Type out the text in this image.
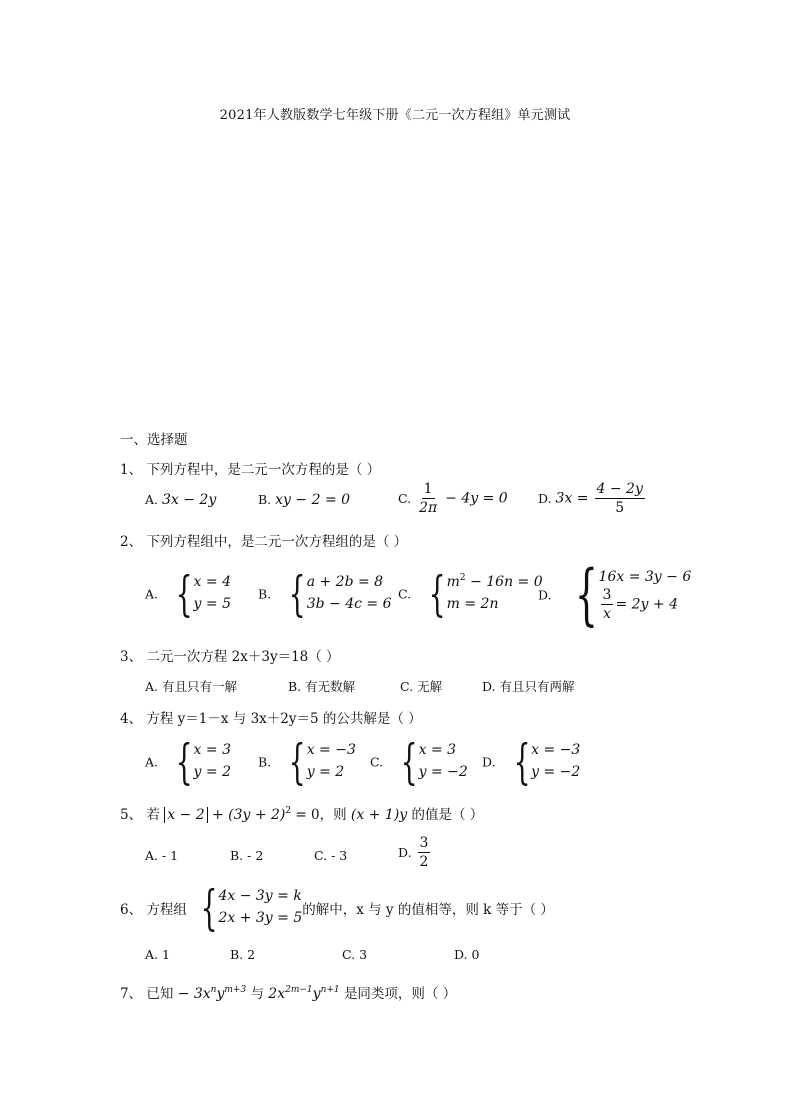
2021年人教版数学七年级下册《二元一次方程组》单元测试
一、选择题
1、 下列方程中，是二元一次方程的是（ ）
A. 3x − 2y	B. xy − 2 = 0	C. $\frac{1}{2\pi} - 4y = 0$ D. $3x = \frac{4 - 2y}{5}$
2、 下列方程组中，是二元一次方程组的是（ ）
A. { x = 4
y = 5
B. { a + 2b = 8
3b − 4c = 6
C. { $m^2 - 16n = 0$
m = 2n
D. { 16x = 3y − 6
$\frac{3}{x} = 2y + 4$
3、 二元一次方程 2x＋3y＝18（ ）
A. 有且只有一解	B. 有无数解	C. 无解	D. 有且只有两解
4、 方程 y＝1－x 与 3x＋2y＝5 的公共解是（ ）
A. { x = 3
y = 2
B. { x = −3
y = 2
C. { x = 3
y = −2
D. { x = −3
y = −2
5、 若 $x - 2 + (3y + 2)^2 = 0$，则 (x + 1)y 的值是（ ）
A. - 1	B. - 2	C. - 3	D. $\frac{3}{2}$
6、 方程组 { 4x − 3y = k
2x + 3y = 5 的解中，x 与 y 的值相等，则 k 等于（ ）
A. 1	B. 2	C. 3	D. 0
7、 已知 − $3x^ny^{m+3}$ 与 $2x^{2m-1}y^{n+1}$ 是同类项，则（ ）
